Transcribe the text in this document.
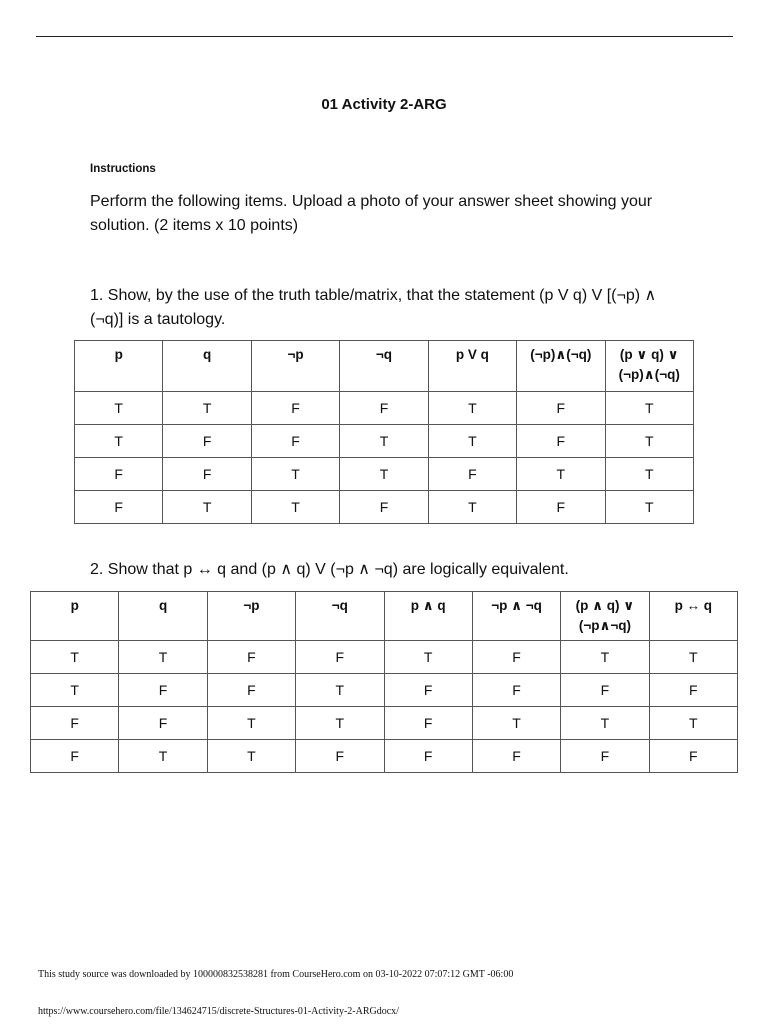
01 Activity 2-ARG
Instructions
Perform the following items. Upload a photo of your answer sheet showing your solution. (2 items x 10 points)
1. Show, by the use of the truth table/matrix, that the statement (p V q) V [(¬p) ∧ (¬q)] is a tautology.
p	q	¬p	¬q	p V q	(¬p)∧(¬q)	(p ∨ q) ∨ (¬p)∧(¬q)
T	T	F	F	T	F	T
T	F	F	T	T	F	T
F	F	T	T	F	T	T
F	T	T	F	T	F	T
2. Show that p ↔ q and (p ∧ q) V (¬p ∧ ¬q) are logically equivalent.
p	q	¬p	¬q	p ∧ q	¬p ∧ ¬q	(p ∧ q) ∨ (¬p∧¬q)	p ↔ q
T	T	F	F	T	F	T	T
T	F	F	T	F	F	F	F
F	F	T	T	F	T	T	T
F	T	T	F	F	F	F	F
This study source was downloaded by 100000832538281 from CourseHero.com on 03-10-2022 07:07:12 GMT -06:00
https://www.coursehero.com/file/134624715/discrete-Structures-01-Activity-2-ARGdocx/
